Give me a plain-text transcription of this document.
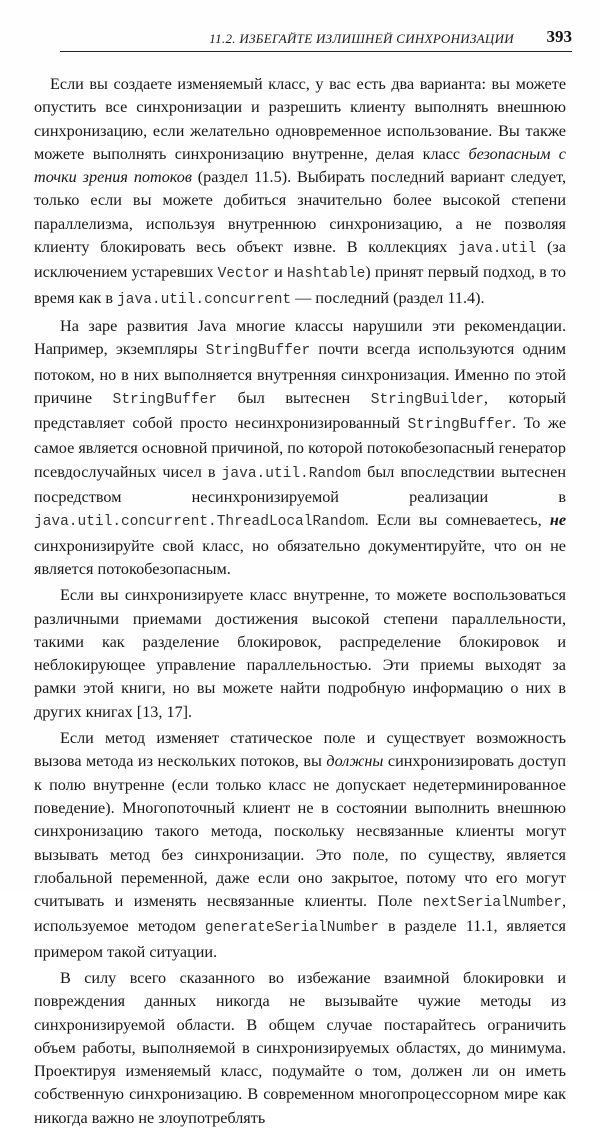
11.2. ИЗБЕГАЙТЕ ИЗЛИШНЕЙ СИНХРОНИЗАЦИИ 393

Если вы создаете изменяемый класс, у вас есть два варианта: вы можете опустить все синхронизации и разрешить клиенту выполнять внешнюю синхронизацию, если желательно одновременное использование. Вы также можете выполнять синхронизацию внутренне, делая класс безопасным с точки зрения потоков (раздел 11.5). Выбирать последний вариант следует, только если вы можете добиться значительно более высокой степени параллелизма, используя внутреннюю синхронизацию, а не позволяя клиенту блокировать весь объект извне. В коллекциях java.util (за исключением устаревших Vector и Hashtable) принят первый подход, в то время как в java.util.concurrent — последний (раздел 11.4).

На заре развития Java многие классы нарушили эти рекомендации. Например, экземпляры StringBuffer почти всегда используются одним потоком, но в них выполняется внутренняя синхронизация. Именно по этой причине StringBuffer был вытеснен StringBuilder, который представляет собой просто несинхронизированный StringBuffer. То же самое является основной причиной, по которой потокобезопасный генератор псевдослучайных чисел в java.util.Random был впоследствии вытеснен посредством несинхронизируемой реализации в java.util.concurrent.ThreadLocalRandom. Если вы сомневаетесь, не синхронизируйте свой класс, но обязательно документируйте, что он не является потокобезопасным.

Если вы синхронизируете класс внутренне, то можете воспользоваться различными приемами достижения высокой степени параллельности, такими как разделение блокировок, распределение блокировок и неблокирующее управление параллельностью. Эти приемы выходят за рамки этой книги, но вы можете найти подробную информацию о них в других книгах [13, 17].

Если метод изменяет статическое поле и существует возможность вызова метода из нескольких потоков, вы должны синхронизировать доступ к полю внутренне (если только класс не допускает недетерминированное поведение). Многопоточный клиент не в состоянии выполнить внешнюю синхронизацию такого метода, поскольку несвязанные клиенты могут вызывать метод без синхронизации. Это поле, по существу, является глобальной переменной, даже если оно закрытое, потому что его могут считывать и изменять несвязанные клиенты. Поле nextSerialNumber, используемое методом generateSerialNumber в разделе 11.1, является примером такой ситуации.

В силу всего сказанного во избежание взаимной блокировки и повреждения данных никогда не вызывайте чужие методы из синхронизируемой области. В общем случае постарайтесь ограничить объем работы, выполняемой в синхронизируемых областях, до минимума. Проектируя изменяемый класс, подумайте о том, должен ли он иметь собственную синхронизацию. В современном многопроцессорном мире как никогда важно не злоупотреблять
